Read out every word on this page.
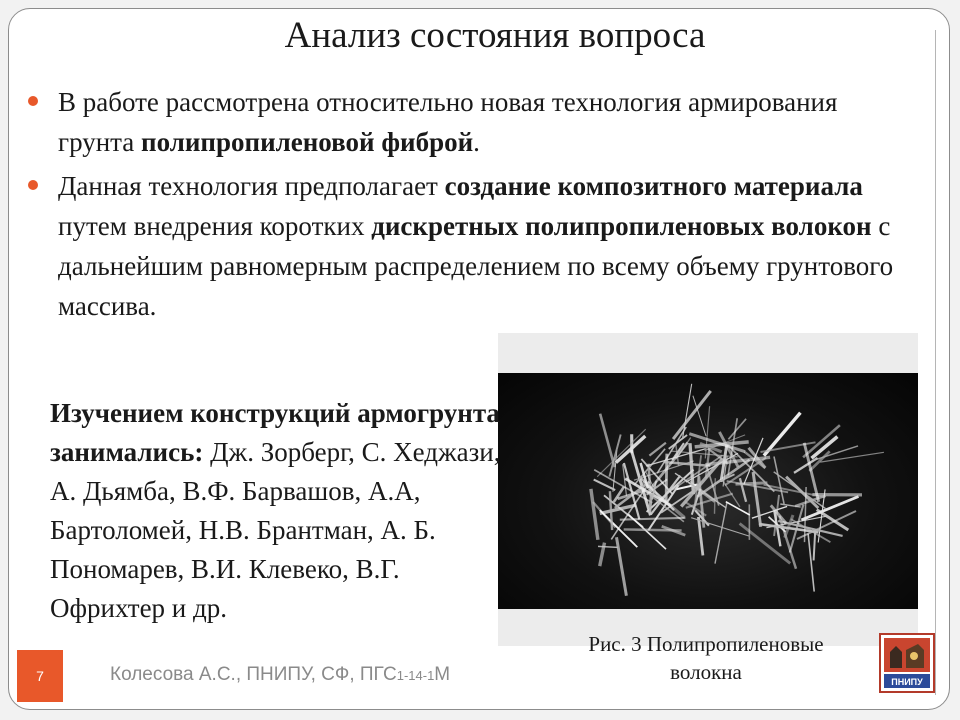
Анализ состояния вопроса
В работе рассмотрена относительно новая технология армирования грунта полипропиленовой фиброй.
Данная технология предполагает создание композитного материала путем внедрения коротких дискретных полипропиленовых волокон с дальнейшим равномерным распределением по всему объему грунтового массива.
Изучением конструкций армогрунта занимались: Дж. Зорберг, С. Хеджази, А. Дьямба, В.Ф. Барвашов, А.А, Бартоломей, Н.В. Брантман, А. Б. Пономарев, В.И. Клевеко, В.Г. Офрихтер и др.
Рис. 3 Полипропиленовые волокна
7	Колесова А.С., ПНИПУ, СФ, ПГС1-14-1М	ПНИПУ
